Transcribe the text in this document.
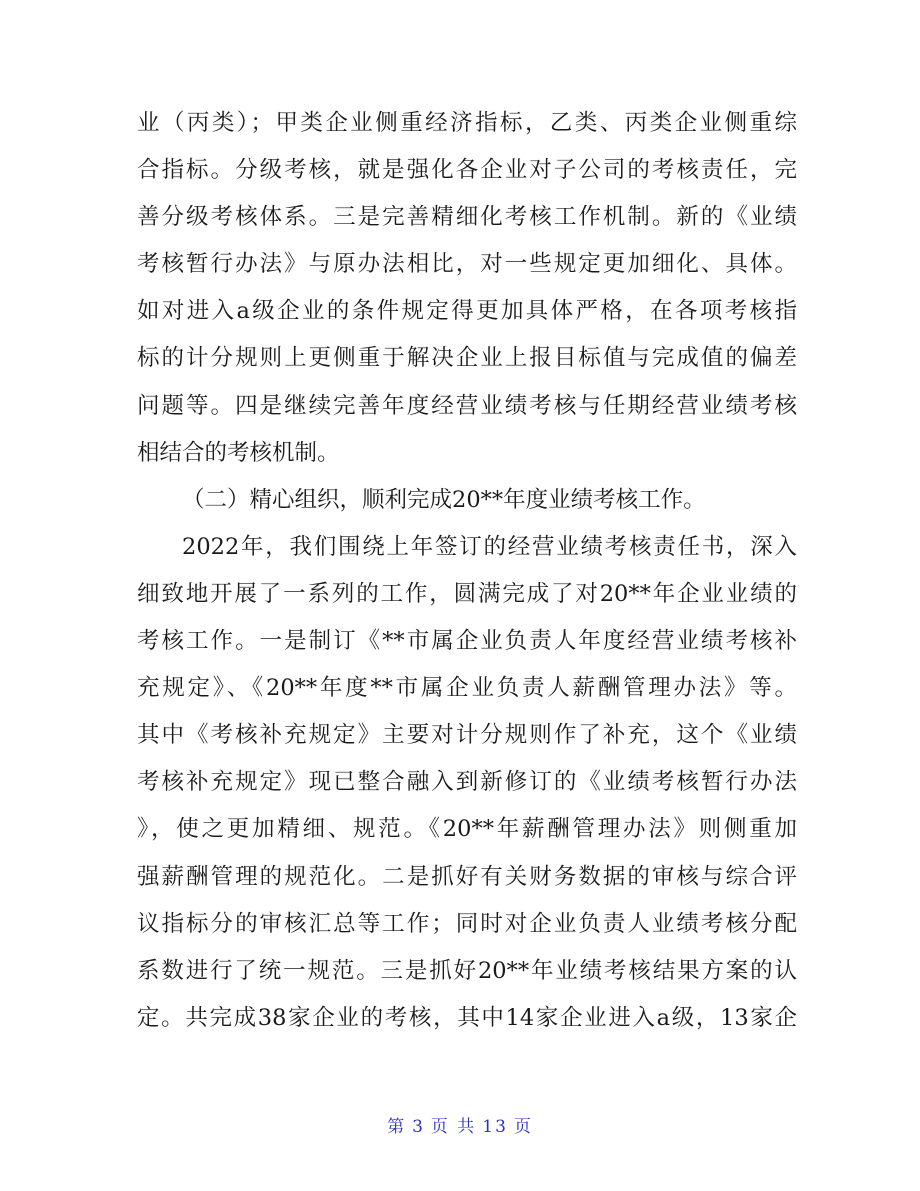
业（丙类）；甲类企业侧重经济指标，乙类、丙类企业侧重综
合指标。分级考核，就是强化各企业对子公司的考核责任，完
善分级考核体系。三是完善精细化考核工作机制。新的《业绩
考核暂行办法》与原办法相比，对一些规定更加细化、具体。
如对进入a级企业的条件规定得更加具体严格，在各项考核指
标的计分规则上更侧重于解决企业上报目标值与完成值的偏差
问题等。四是继续完善年度经营业绩考核与任期经营业绩考核
相结合的考核机制。
（二）精心组织，顺利完成20**年度业绩考核工作。
2022年，我们围绕上年签订的经营业绩考核责任书，深入
细致地开展了一系列的工作，圆满完成了对20**年企业业绩的
考核工作。一是制订《**市属企业负责人年度经营业绩考核补
充规定》、《20**年度**市属企业负责人薪酬管理办法》等。
其中《考核补充规定》主要对计分规则作了补充，这个《业绩
考核补充规定》现已整合融入到新修订的《业绩考核暂行办法
》，使之更加精细、规范。《20**年薪酬管理办法》则侧重加
强薪酬管理的规范化。二是抓好有关财务数据的审核与综合评
议指标分的审核汇总等工作；同时对企业负责人业绩考核分配
系数进行了统一规范。三是抓好20**年业绩考核结果方案的认
定。共完成38家企业的考核，其中14家企业进入a级，13家企
第 3 页 共 13 页
